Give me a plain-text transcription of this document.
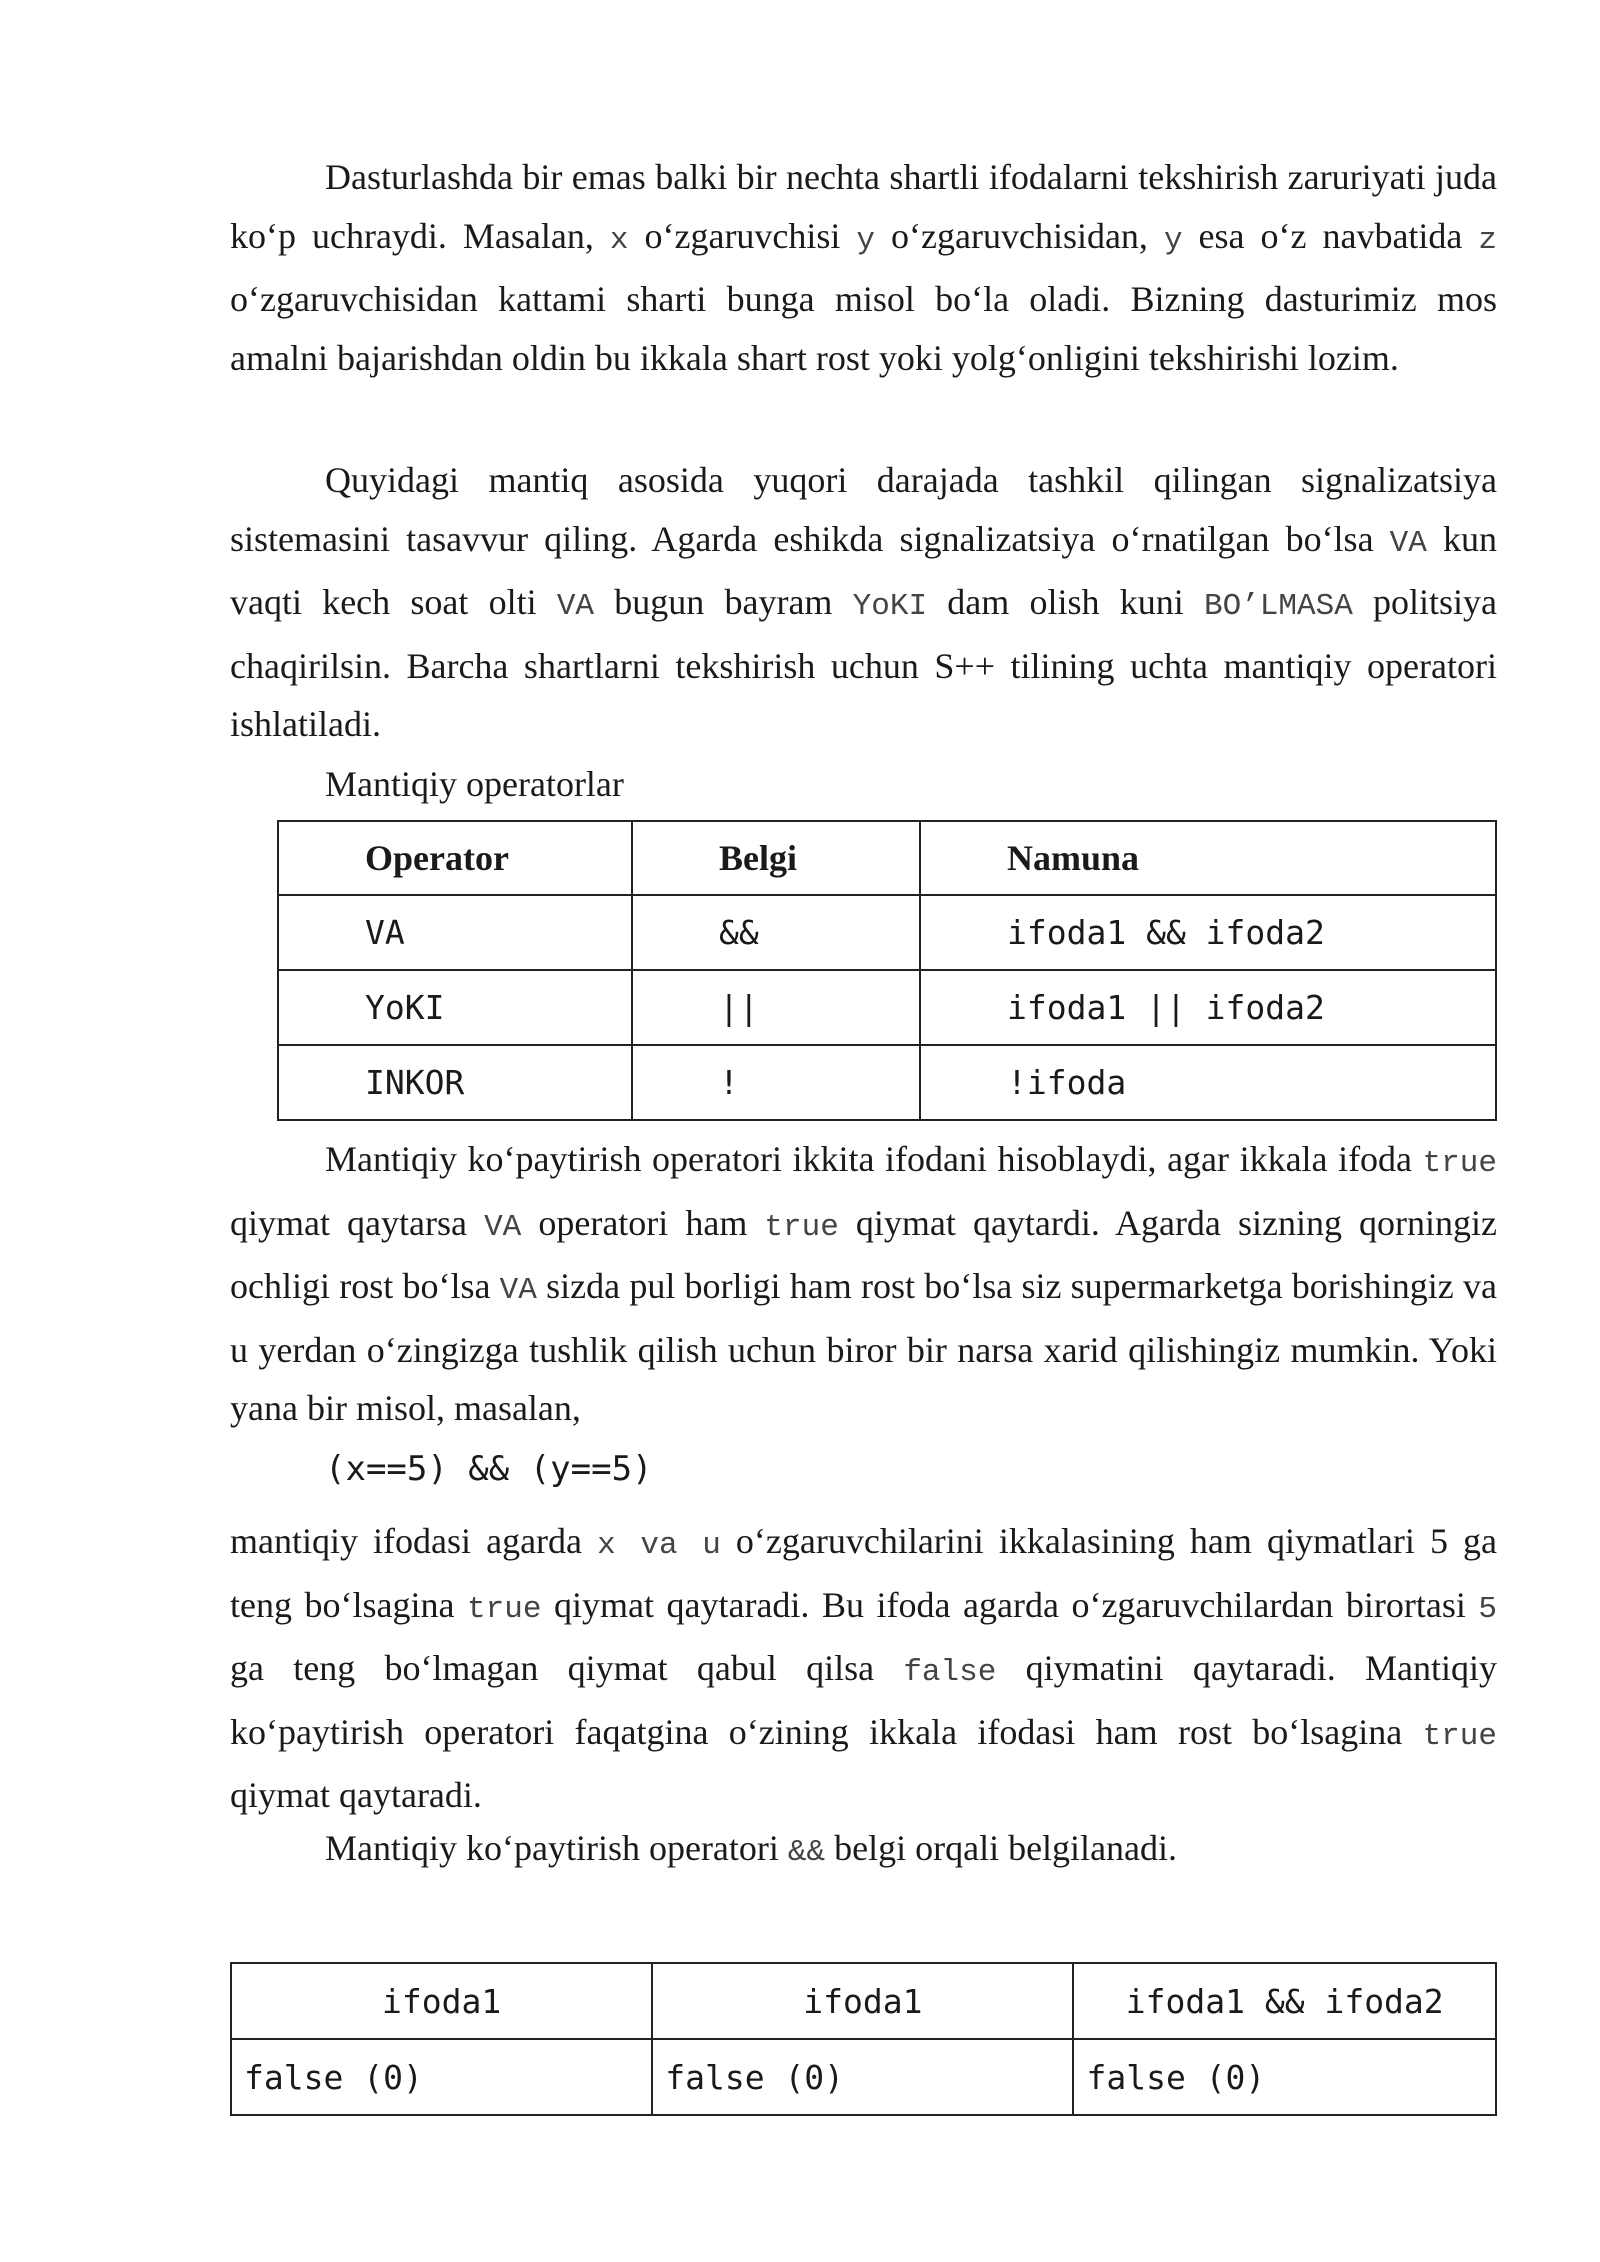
Dasturlashda bir emas balki bir nechta shartli ifodalarni tekshirish zaruriyati juda ko‘p uchraydi. Masalan, x o‘zgaruvchisi y o‘zgaruvchisidan, y esa o‘z navbatida z o‘zgaruvchisidan kattami sharti bunga misol bo‘la oladi. Bizning dasturimiz mos amalni bajarishdan oldin bu ikkala shart rost yoki yolg‘onligini tekshirishi lozim.

Quyidagi mantiq asosida yuqori darajada tashkil qilingan signalizatsiya sistemasini tasavvur qiling. Agarda eshikda signalizatsiya o‘rnatilgan bo‘lsa VA kun vaqti kech soat olti VA bugun bayram YoKI dam olish kuni BO’LMASA politsiya chaqirilsin. Barcha shartlarni tekshirish uchun S++ tilining uchta mantiqiy operatori ishlatiladi.

Mantiqiy operatorlar

Operator	Belgi	Namuna
VA	&&	ifoda1 && ifoda2
YoKI	||	ifoda1 || ifoda2
INKOR	!	!ifoda

Mantiqiy ko‘paytirish operatori ikkita ifodani hisoblaydi, agar ikkala ifoda true qiymat qaytarsa VA operatori ham true qiymat qaytardi. Agarda sizning qorningiz ochligi rost bo‘lsa VA sizda pul borligi ham rost bo‘lsa siz supermarketga borishingiz va u yerdan o‘zingizga tushlik qilish uchun biror bir narsa xarid qilishingiz mumkin. Yoki yana bir misol, masalan,

(x==5) && (y==5)

mantiqiy ifodasi agarda x va u o‘zgaruvchilarini ikkalasining ham qiymatlari 5 ga teng bo‘lsagina true qiymat qaytaradi. Bu ifoda agarda o‘zgaruvchilardan birortasi 5 ga teng bo‘lmagan qiymat qabul qilsa false qiymatini qaytaradi. Mantiqiy ko‘paytirish operatori faqatgina o‘zining ikkala ifodasi ham rost bo‘lsagina true qiymat qaytaradi.

Mantiqiy ko‘paytirish operatori && belgi orqali belgilanadi.

ifoda1	ifoda1	ifoda1 && ifoda2
false (0)	false (0)	false (0)
